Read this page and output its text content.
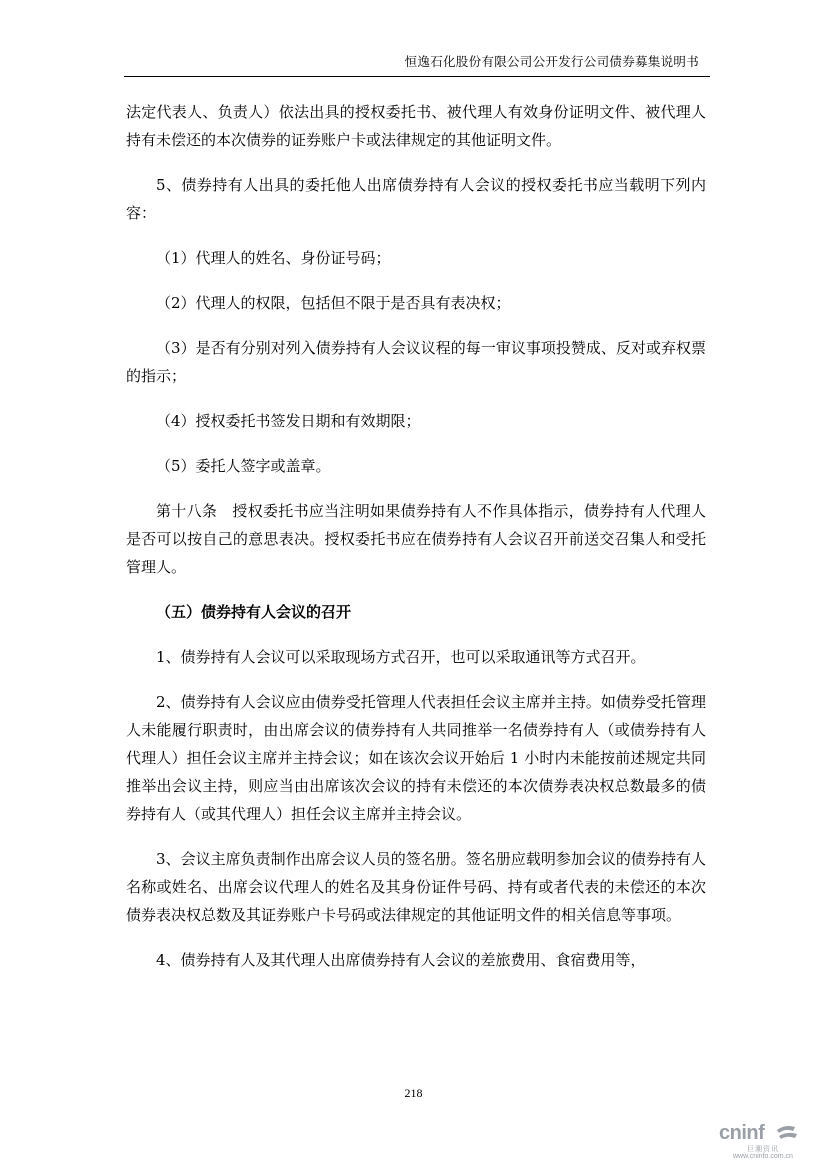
恒逸石化股份有限公司公开发行公司债券募集说明书

法定代表人、负责人）依法出具的授权委托书、被代理人有效身份证明文件、被代理人持有未偿还的本次债券的证券账户卡或法律规定的其他证明文件。

5、债券持有人出具的委托他人出席债券持有人会议的授权委托书应当载明下列内容：

（1）代理人的姓名、身份证号码；

（2）代理人的权限，包括但不限于是否具有表决权；

（3）是否有分别对列入债券持有人会议议程的每一审议事项投赞成、反对或弃权票的指示；

（4）授权委托书签发日期和有效期限；

（5）委托人签字或盖章。

第十八条　授权委托书应当注明如果债券持有人不作具体指示，债券持有人代理人是否可以按自己的意思表决。授权委托书应在债券持有人会议召开前送交召集人和受托管理人。

（五）债券持有人会议的召开

1、债券持有人会议可以采取现场方式召开，也可以采取通讯等方式召开。

2、债券持有人会议应由债券受托管理人代表担任会议主席并主持。如债券受托管理人未能履行职责时，由出席会议的债券持有人共同推举一名债券持有人（或债券持有人代理人）担任会议主席并主持会议；如在该次会议开始后 1 小时内未能按前述规定共同推举出会议主持，则应当由出席该次会议的持有未偿还的本次债券表决权总数最多的债券持有人（或其代理人）担任会议主席并主持会议。

3、会议主席负责制作出席会议人员的签名册。签名册应载明参加会议的债券持有人名称或姓名、出席会议代理人的姓名及其身份证件号码、持有或者代表的未偿还的本次债券表决权总数及其证券账户卡号码或法律规定的其他证明文件的相关信息等事项。

4、债券持有人及其代理人出席债券持有人会议的差旅费用、食宿费用等，

218
cninf
巨潮资讯
www.cninfo.com.cn
